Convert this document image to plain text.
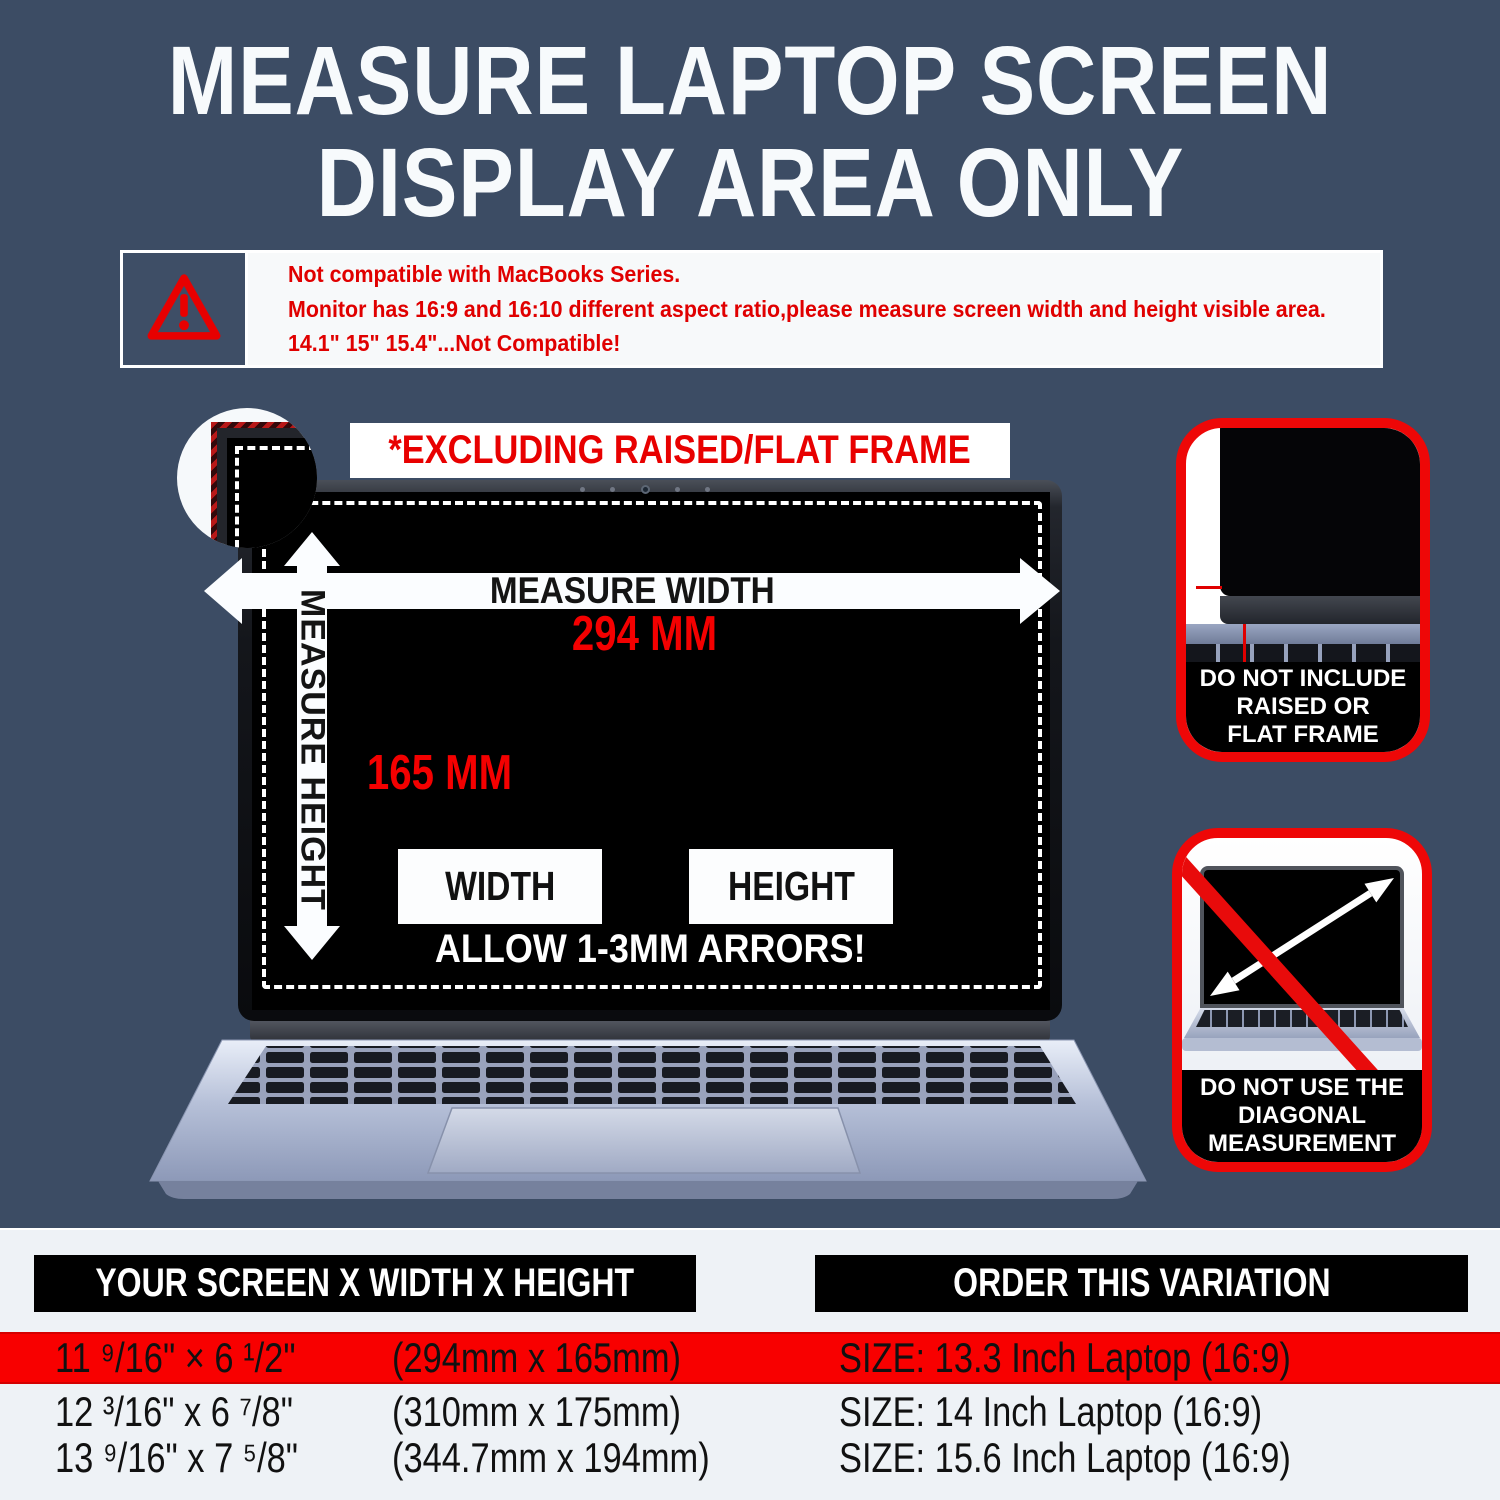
MEASURE LAPTOP SCREEN
DISPLAY AREA ONLY
Not compatible with MacBooks Series.
Monitor has 16:9 and 16:10 different aspect ratio,please measure screen width and height visible area.
14.1" 15" 15.4"...Not Compatible!
*EXCLUDING RAISED/FLAT FRAME
MEASURE WIDTH
294 MM
MEASURE HEIGHT 165 MM
WIDTH	HEIGHT
ALLOW 1-3MM ARRORS!
DO NOT INCLUDE
RAISED OR
FLAT FRAME
DO NOT USE THE
DIAGONAL
MEASUREMENT
YOUR SCREEN X WIDTH X HEIGHT	ORDER THIS VARIATION
11 ⁹/16" × 6 ¹/2"	(294mm x 165mm)	SIZE: 13.3 Inch Laptop (16:9)
12 ³/16" x 6 ⁷/8"	(310mm x 175mm)	SIZE: 14 Inch Laptop (16:9)
13 ⁹/16" x 7 ⁵/8"	(344.7mm x 194mm)	SIZE: 15.6 Inch Laptop (16:9)
